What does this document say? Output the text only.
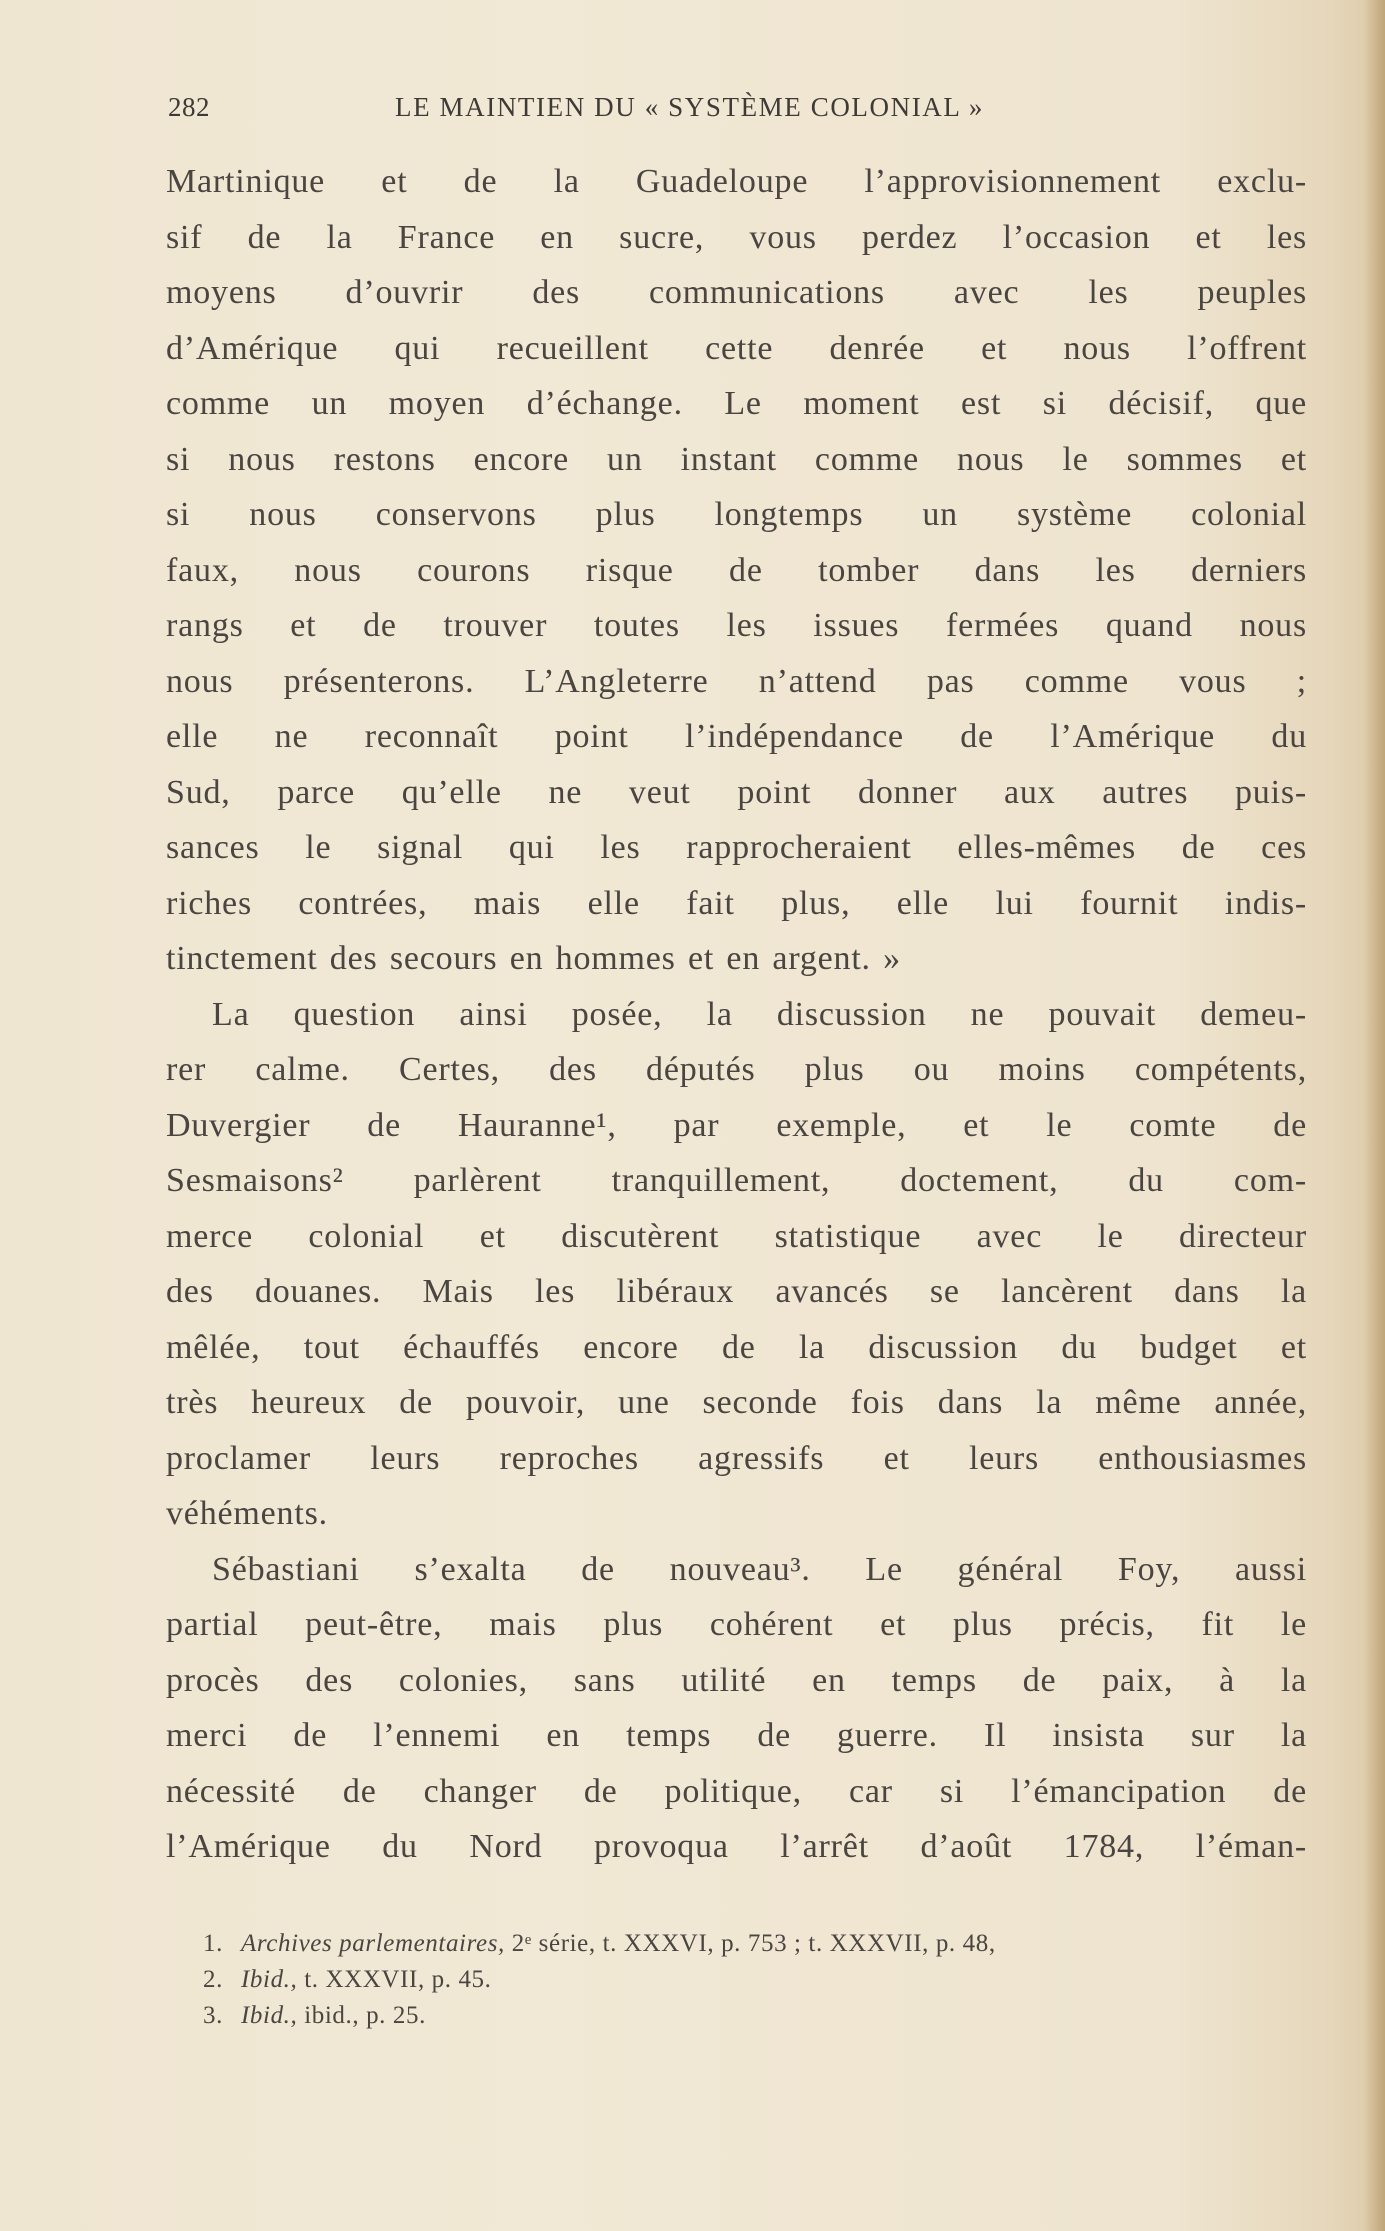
282	LE MAINTIEN DU « SYSTÈME COLONIAL »
Martinique et de la Guadeloupe l’approvisionnement exclu-
sif de la France en sucre, vous perdez l’occasion et les
moyens d’ouvrir des communications avec les peuples
d’Amérique qui recueillent cette denrée et nous l’offrent
comme un moyen d’échange. Le moment est si décisif, que
si nous restons encore un instant comme nous le sommes et
si nous conservons plus longtemps un système colonial
faux, nous courons risque de tomber dans les derniers
rangs et de trouver toutes les issues fermées quand nous
nous présenterons. L’Angleterre n’attend pas comme vous ;
elle ne reconnaît point l’indépendance de l’Amérique du
Sud, parce qu’elle ne veut point donner aux autres puis-
sances le signal qui les rapprocheraient elles-mêmes de ces
riches contrées, mais elle fait plus, elle lui fournit indis-
tinctement des secours en hommes et en argent. »
La question ainsi posée, la discussion ne pouvait demeu-
rer calme. Certes, des députés plus ou moins compétents,
Duvergier de Hauranne¹, par exemple, et le comte de
Sesmaisons² parlèrent tranquillement, doctement, du com-
merce colonial et discutèrent statistique avec le directeur
des douanes. Mais les libéraux avancés se lancèrent dans la
mêlée, tout échauffés encore de la discussion du budget et
très heureux de pouvoir, une seconde fois dans la même année,
proclamer leurs reproches agressifs et leurs enthousiasmes
véhéments.
Sébastiani s’exalta de nouveau³. Le général Foy, aussi
partial peut-être, mais plus cohérent et plus précis, fit le
procès des colonies, sans utilité en temps de paix, à la
merci de l’ennemi en temps de guerre. Il insista sur la
nécessité de changer de politique, car si l’émancipation de
l’Amérique du Nord provoqua l’arrêt d’août 1784, l’éman-
1. Archives parlementaires, 2ᵉ série, t. XXXVI, p. 753 ; t. XXXVII, p. 48,
2. Ibid., t. XXXVII, p. 45.
3. Ibid., ibid., p. 25.
